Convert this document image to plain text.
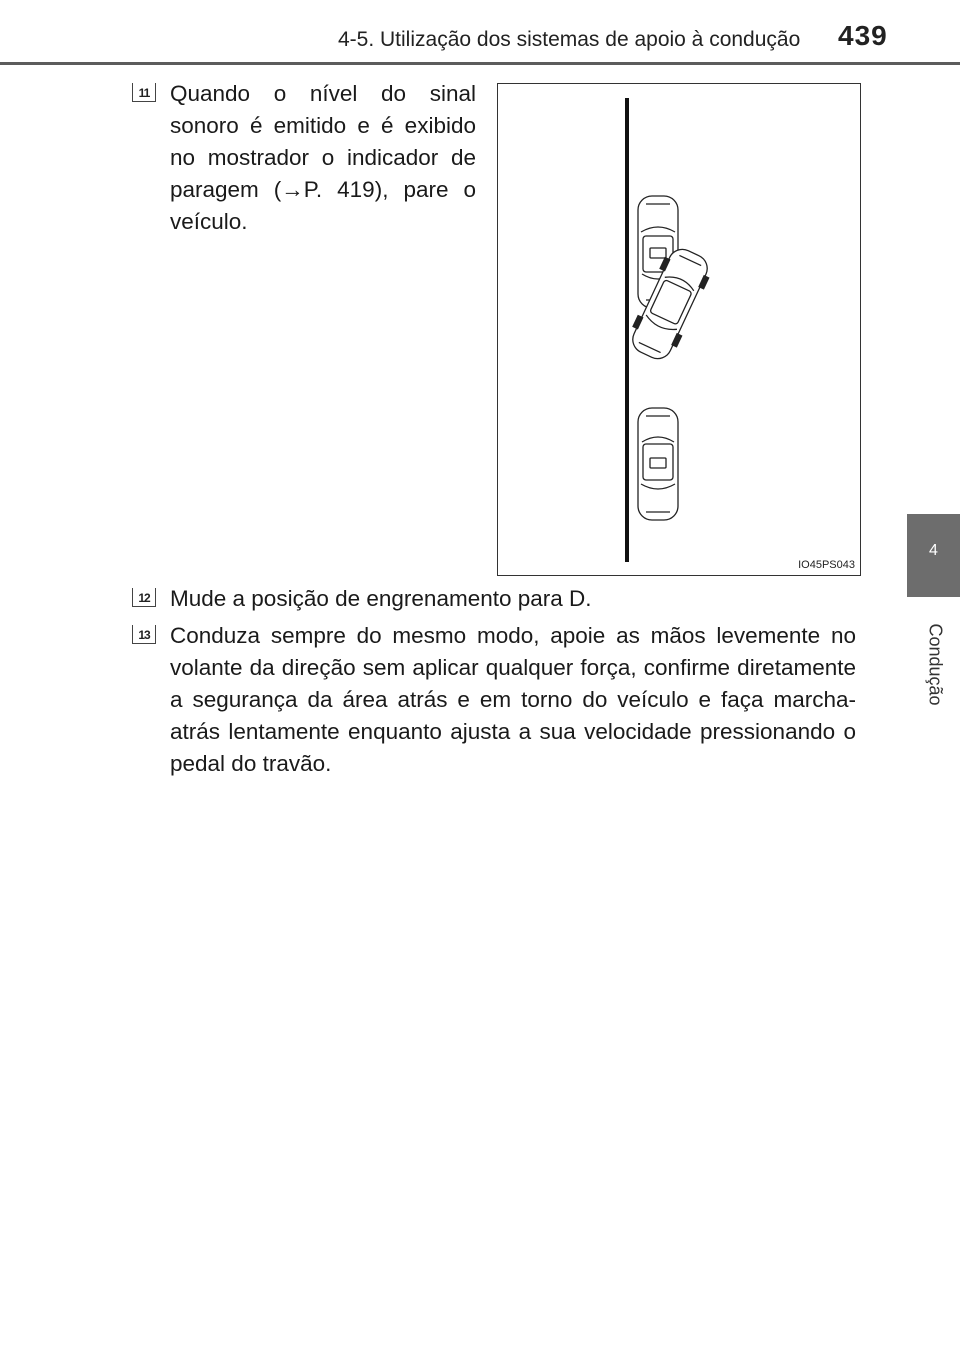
4-5. Utilização dos sistemas de apoio à condução 439
4
Condução
11 Quando o nível do sinal sonoro é emitido e é exibido no mostrador o indicador de paragem (→P. 419), pare o veículo.
IO45PS043
12 Mude a posição de engrenamento para D.
13 Conduza sempre do mesmo modo, apoie as mãos levemente no volante da direção sem aplicar qualquer força, confirme diretamente a segurança da área atrás e em torno do veículo e faça marcha-atrás lentamente enquanto ajusta a sua velocidade pressionando o pedal do travão.
